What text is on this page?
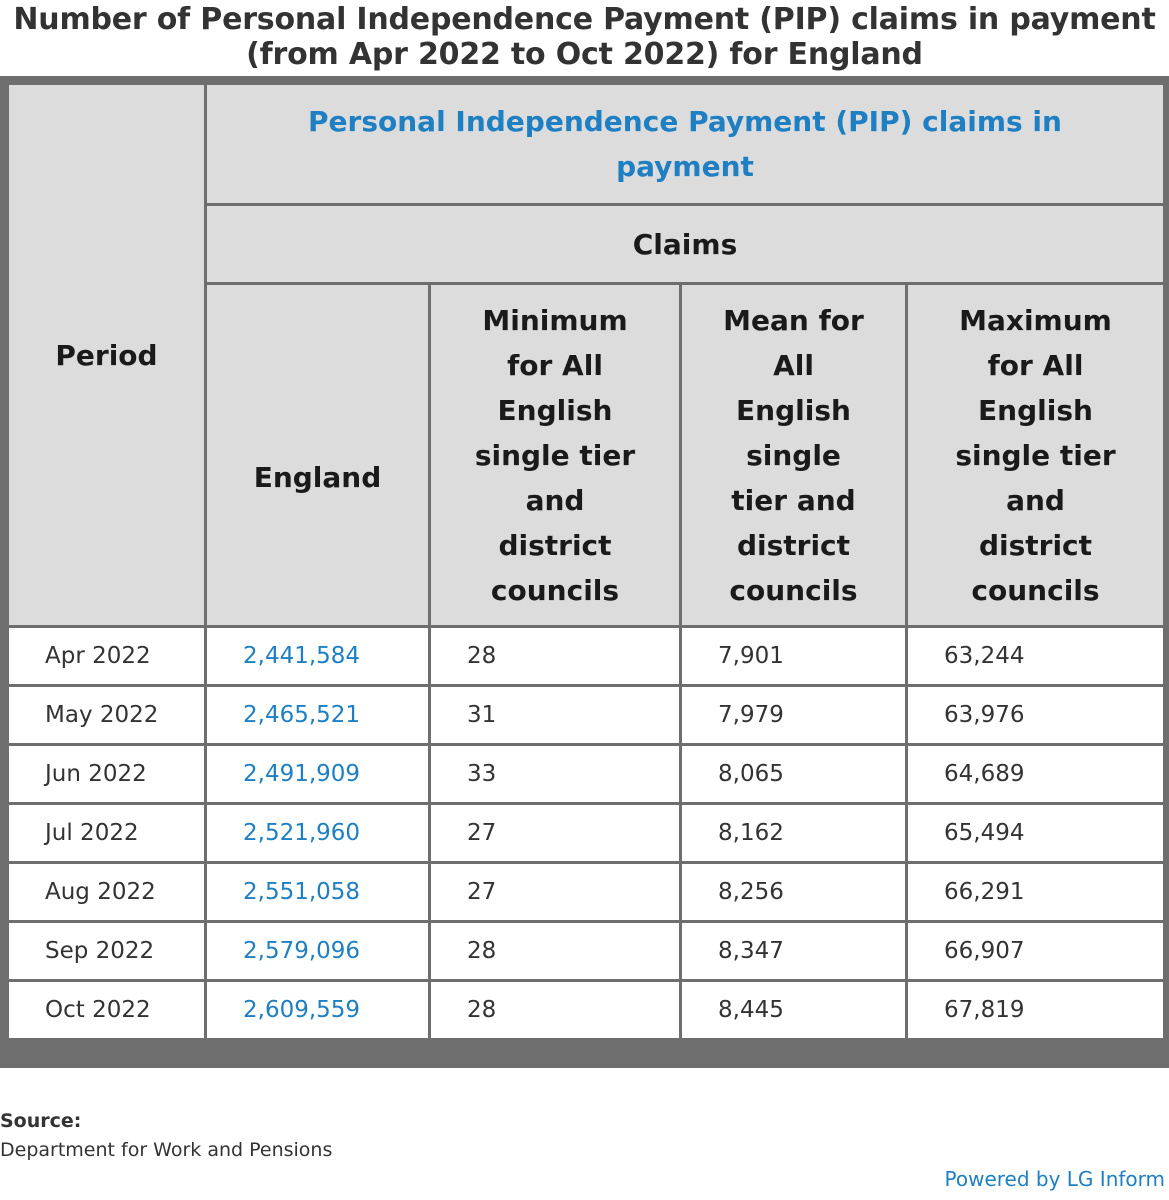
Number of Personal Independence Payment (PIP) claims in payment
(from Apr 2022 to Oct 2022) for England
Period	Personal Independence Payment (PIP) claims in payment			

	Claims			

	England	Minimum for All English single tier and district councils	Mean for All English single tier and district councils	Maximum for All English single tier and district councils

Apr 2022	2,441,584	28	7,901	63,244
May 2022	2,465,521	31	7,979	63,976
Jun 2022	2,491,909	33	8,065	64,689
Jul 2022	2,521,960	27	8,162	65,494
Aug 2022	2,551,058	27	8,256	66,291
Sep 2022	2,579,096	28	8,347	66,907
Oct 2022	2,609,559	28	8,445	67,819
Source:
Department for Work and Pensions
Powered by LG Inform
